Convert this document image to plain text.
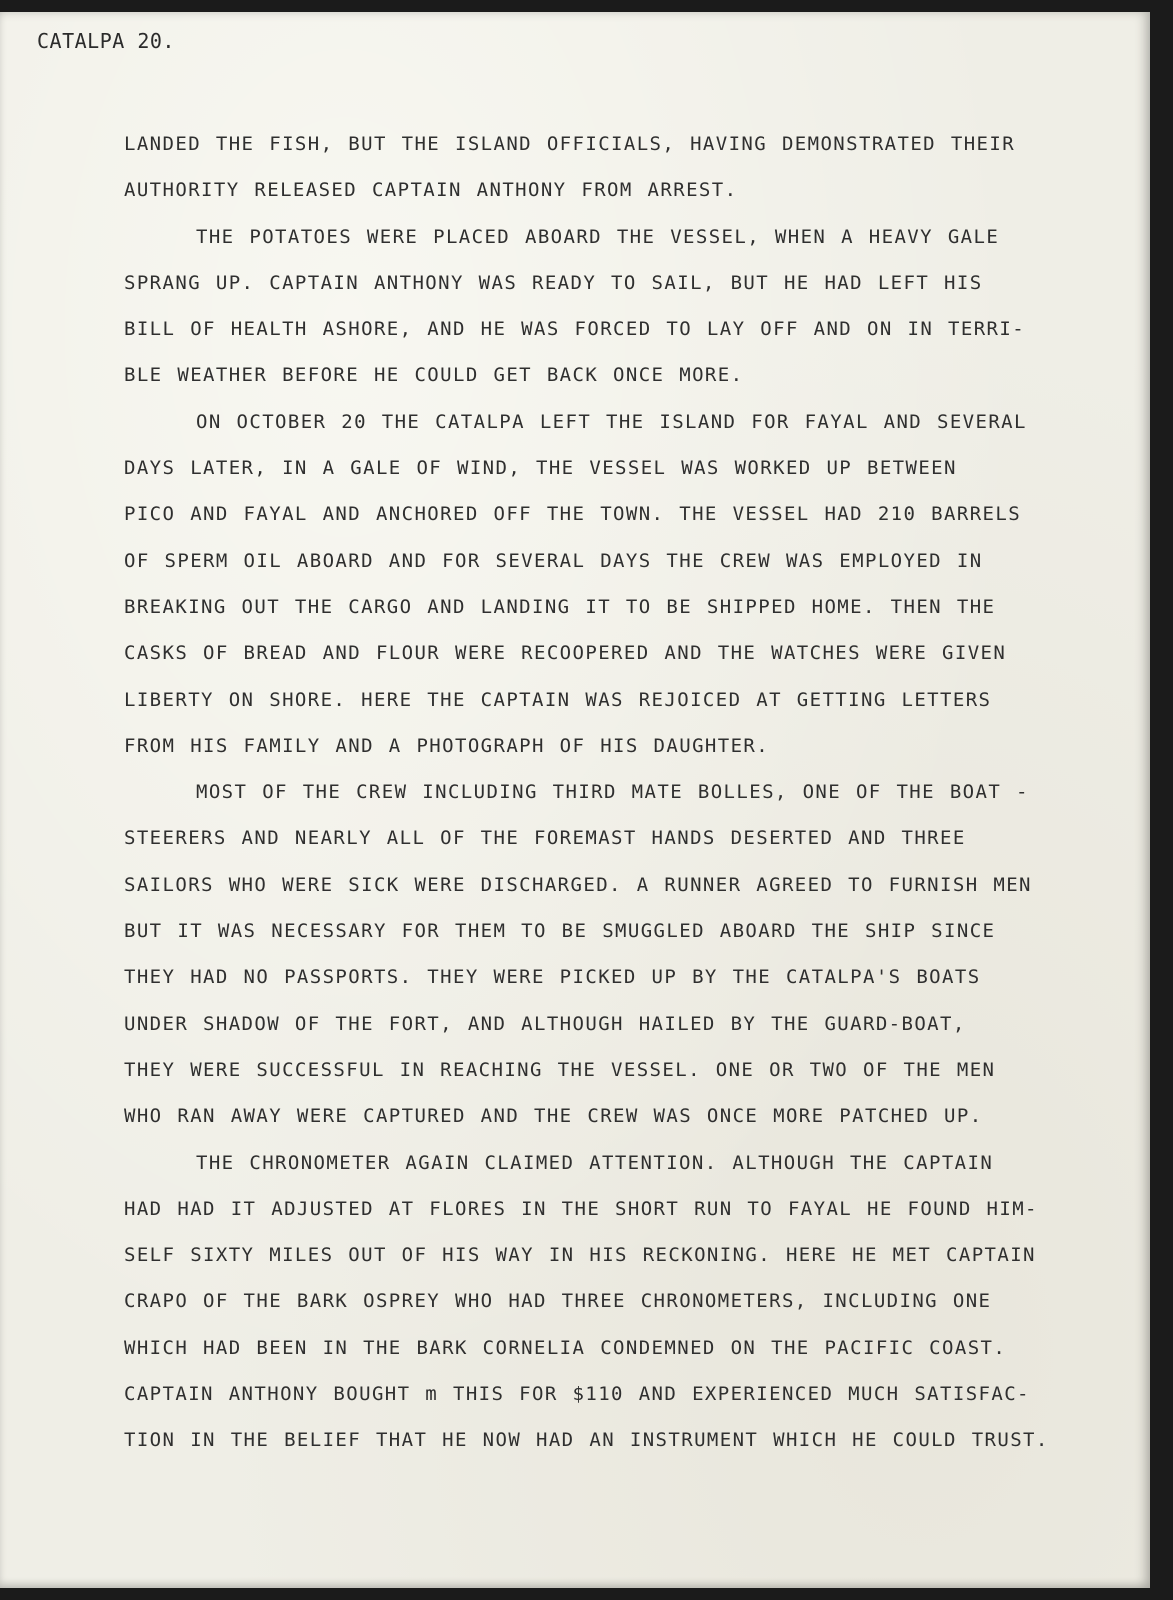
CATALPA 20.
LANDED THE FISH, BUT THE ISLAND OFFICIALS, HAVING DEMONSTRATED THEIR
AUTHORITY RELEASED CAPTAIN ANTHONY FROM ARREST.
THE POTATOES WERE PLACED ABOARD THE VESSEL, WHEN A HEAVY GALE
SPRANG UP. CAPTAIN ANTHONY WAS READY TO SAIL, BUT HE HAD LEFT HIS
BILL OF HEALTH ASHORE, AND HE WAS FORCED TO LAY OFF AND ON IN TERRI-
BLE WEATHER BEFORE HE COULD GET BACK ONCE MORE.
ON OCTOBER 20 THE CATALPA LEFT THE ISLAND FOR FAYAL AND SEVERAL
DAYS LATER, IN A GALE OF WIND, THE VESSEL WAS WORKED UP BETWEEN
PICO AND FAYAL AND ANCHORED OFF THE TOWN. THE VESSEL HAD 210 BARRELS
OF SPERM OIL ABOARD AND FOR SEVERAL DAYS THE CREW WAS EMPLOYED IN
BREAKING OUT THE CARGO AND LANDING IT TO BE SHIPPED HOME. THEN THE
CASKS OF BREAD AND FLOUR WERE RECOOPERED AND THE WATCHES WERE GIVEN
LIBERTY ON SHORE. HERE THE CAPTAIN WAS REJOICED AT GETTING LETTERS
FROM HIS FAMILY AND A PHOTOGRAPH OF HIS DAUGHTER.
MOST OF THE CREW INCLUDING THIRD MATE BOLLES, ONE OF THE BOAT -
STEERERS AND NEARLY ALL OF THE FOREMAST HANDS DESERTED AND THREE
SAILORS WHO WERE SICK WERE DISCHARGED. A RUNNER AGREED TO FURNISH MEN
BUT IT WAS NECESSARY FOR THEM TO BE SMUGGLED ABOARD THE SHIP SINCE
THEY HAD NO PASSPORTS. THEY WERE PICKED UP BY THE CATALPA'S BOATS
UNDER SHADOW OF THE FORT, AND ALTHOUGH HAILED BY THE GUARD-BOAT,
THEY WERE SUCCESSFUL IN REACHING THE VESSEL. ONE OR TWO OF THE MEN
WHO RAN AWAY WERE CAPTURED AND THE CREW WAS ONCE MORE PATCHED UP.
THE CHRONOMETER AGAIN CLAIMED ATTENTION. ALTHOUGH THE CAPTAIN
HAD HAD IT ADJUSTED AT FLORES IN THE SHORT RUN TO FAYAL HE FOUND HIM-
SELF SIXTY MILES OUT OF HIS WAY IN HIS RECKONING. HERE HE MET CAPTAIN
CRAPO OF THE BARK OSPREY WHO HAD THREE CHRONOMETERS, INCLUDING ONE
WHICH HAD BEEN IN THE BARK CORNELIA CONDEMNED ON THE PACIFIC COAST.
CAPTAIN ANTHONY BOUGHT m THIS FOR $110 AND EXPERIENCED MUCH SATISFAC-
TION IN THE BELIEF THAT HE NOW HAD AN INSTRUMENT WHICH HE COULD TRUST.
